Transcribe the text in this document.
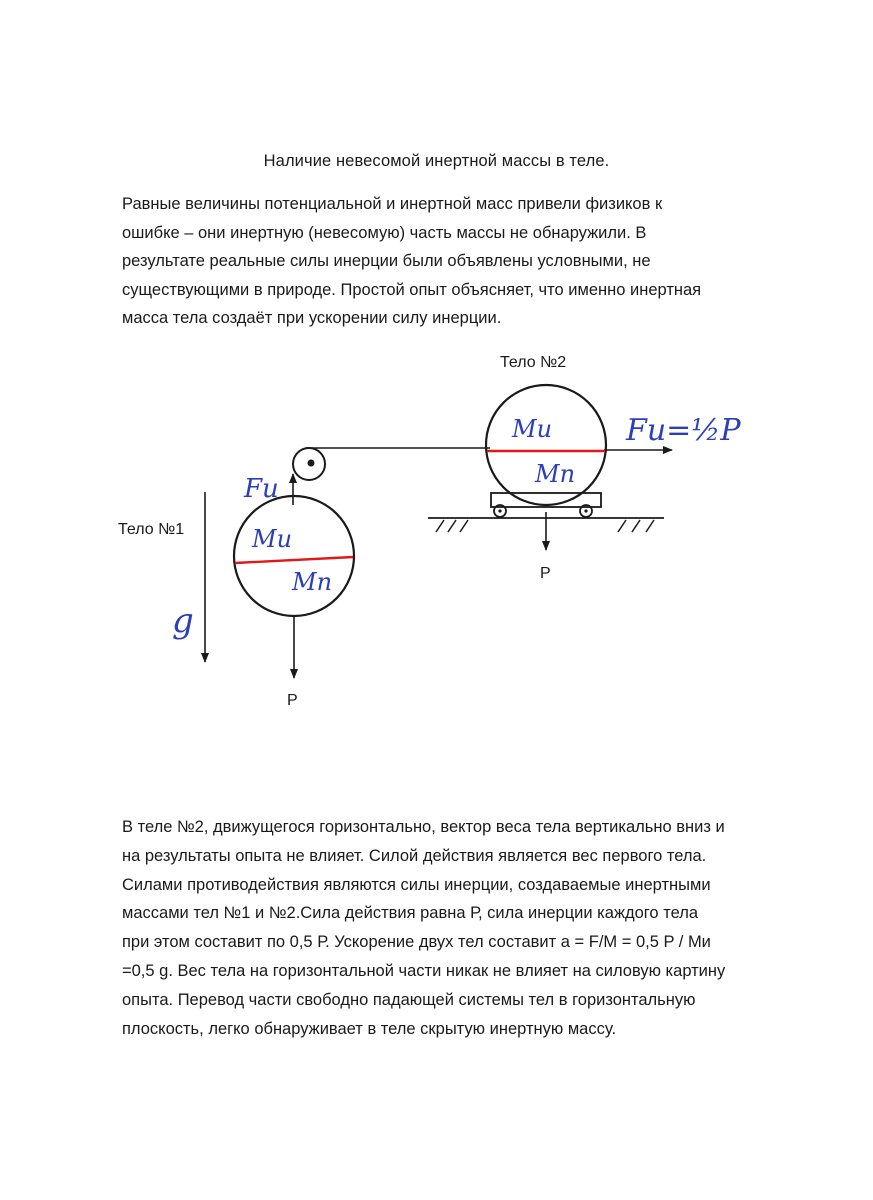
Наличие невесомой инертной массы в теле.

Равные величины потенциальной и инертной масс привели физиков к
ошибке – они инертную (невесомую) часть массы не обнаружили. В
результате реальные силы инерции были объявлены условными, не
существующими в природе. Простой опыт объясняет, что именно инертная
масса тела создаёт при ускорении силу инерции.

Тело №2
Mи
Mп
Fи=½P
P
Тело №1	Mи
Mп
Fи
P
g

В теле №2, движущегося горизонтально, вектор веса тела вертикально вниз и
на результаты опыта не влияет. Силой действия является вес первого тела.
Силами противодействия являются силы инерции, создаваемые инертными
массами тел №1 и №2.Сила действия равна Р, сила инерции каждого тела
при этом составит по 0,5 Р. Ускорение двух тел составит a = F/M = 0,5 P / Mи
=0,5 g. Вес тела на горизонтальной части никак не влияет на силовую картину
опыта. Перевод части свободно падающей системы тел в горизонтальную
плоскость, легко обнаруживает в теле скрытую инертную массу.
